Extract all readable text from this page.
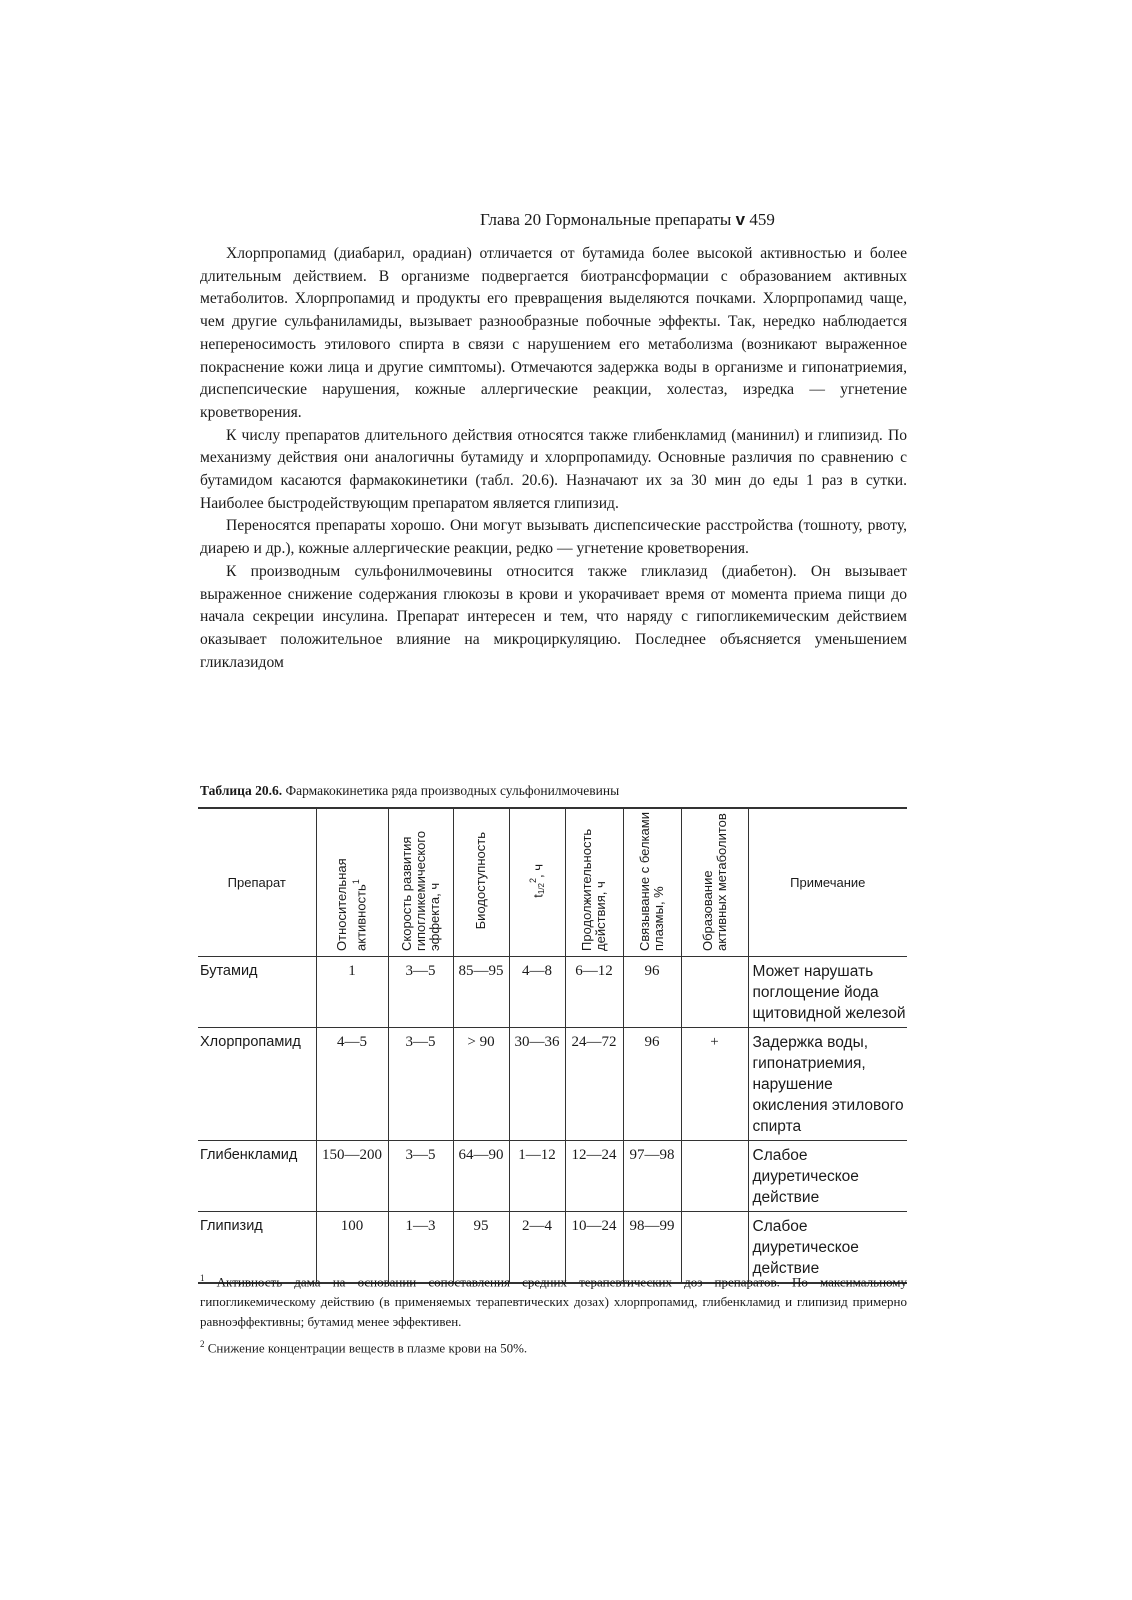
Глава 20 Гормональные препараты v 459

Хлорпропамид (диабарил, орадиан) отличается от бутамида более высокой активностью и более длительным действием. В организме подвергается биотрансформации с образованием активных метаболитов. Хлорпропамид и продукты его превращения выделяются почками. Хлорпропамид чаще, чем другие сульфаниламиды, вызывает разнообразные побочные эффекты. Так, нередко наблюдается непереносимость этилового спирта в связи с нарушением его метаболизма (возникают выраженное покраснение кожи лица и другие симптомы). Отмечаются задержка воды в организме и гипонатриемия, диспепсические нарушения, кожные аллергические реакции, холестаз, изредка — угнетение кроветворения.

К числу препаратов длительного действия относятся также глибенкламид (манинил) и глипизид. По механизму действия они аналогичны бутамиду и хлорпропамиду. Основные различия по сравнению с бутамидом касаются фармакокинетики (табл. 20.6). Назначают их за 30 мин до еды 1 раз в сутки. Наиболее быстродействующим препаратом является глипизид.

Переносятся препараты хорошо. Они могут вызывать диспепсические расстройства (тошноту, рвоту, диарею и др.), кожные аллергические реакции, редко — угнетение кроветворения.

К производным сульфонилмочевины относится также гликлазид (диабетон). Он вызывает выраженное снижение содержания глюкозы в крови и укорачивает время от момента приема пищи до начала секреции инсулина. Препарат интересен и тем, что наряду с гипогликемическим действием оказывает положительное влияние на микроциркуляцию. Последнее объясняется уменьшением гликлазидом

Таблица 20.6. Фармакокинетика ряда производных сульфонилмочевины
Препарат	Относительная активность$^1$	Скорость развития гипогликемического эффекта, ч	Биодоступность	$t_{1/2}^2$, ч	Продолжительность действия, ч	Связывание с белками плазмы, %	Образование активных метаболитов	Примечание
Бутамид	1	3—5	85—95	4—8	6—12	96		Может нарушать поглощение йода щитовидной железой
Хлорпропамид	4—5	3—5	> 90	30—36	24—72	96	+	Задержка воды, гипонатриемия, нарушение окисления этилового спирта
Глибенкламид	150—200	3—5	64—90	1—12	12—24	97—98		Слабое диуретическое действие
Глипизид	100	1—3	95	2—4	10—24	98—99		Слабое диуретическое действие

$^1$ Активность дама на основании сопоставления средних терапевтических доз препаратов. По максимальному гипогликемическому действию (в применяемых терапевтических дозах) хлорпропамид, глибенкламид и глипизид примерно равноэффективны; бутамид менее эффективен.

$^2$ Снижение концентрации веществ в плазме крови на 50%.
